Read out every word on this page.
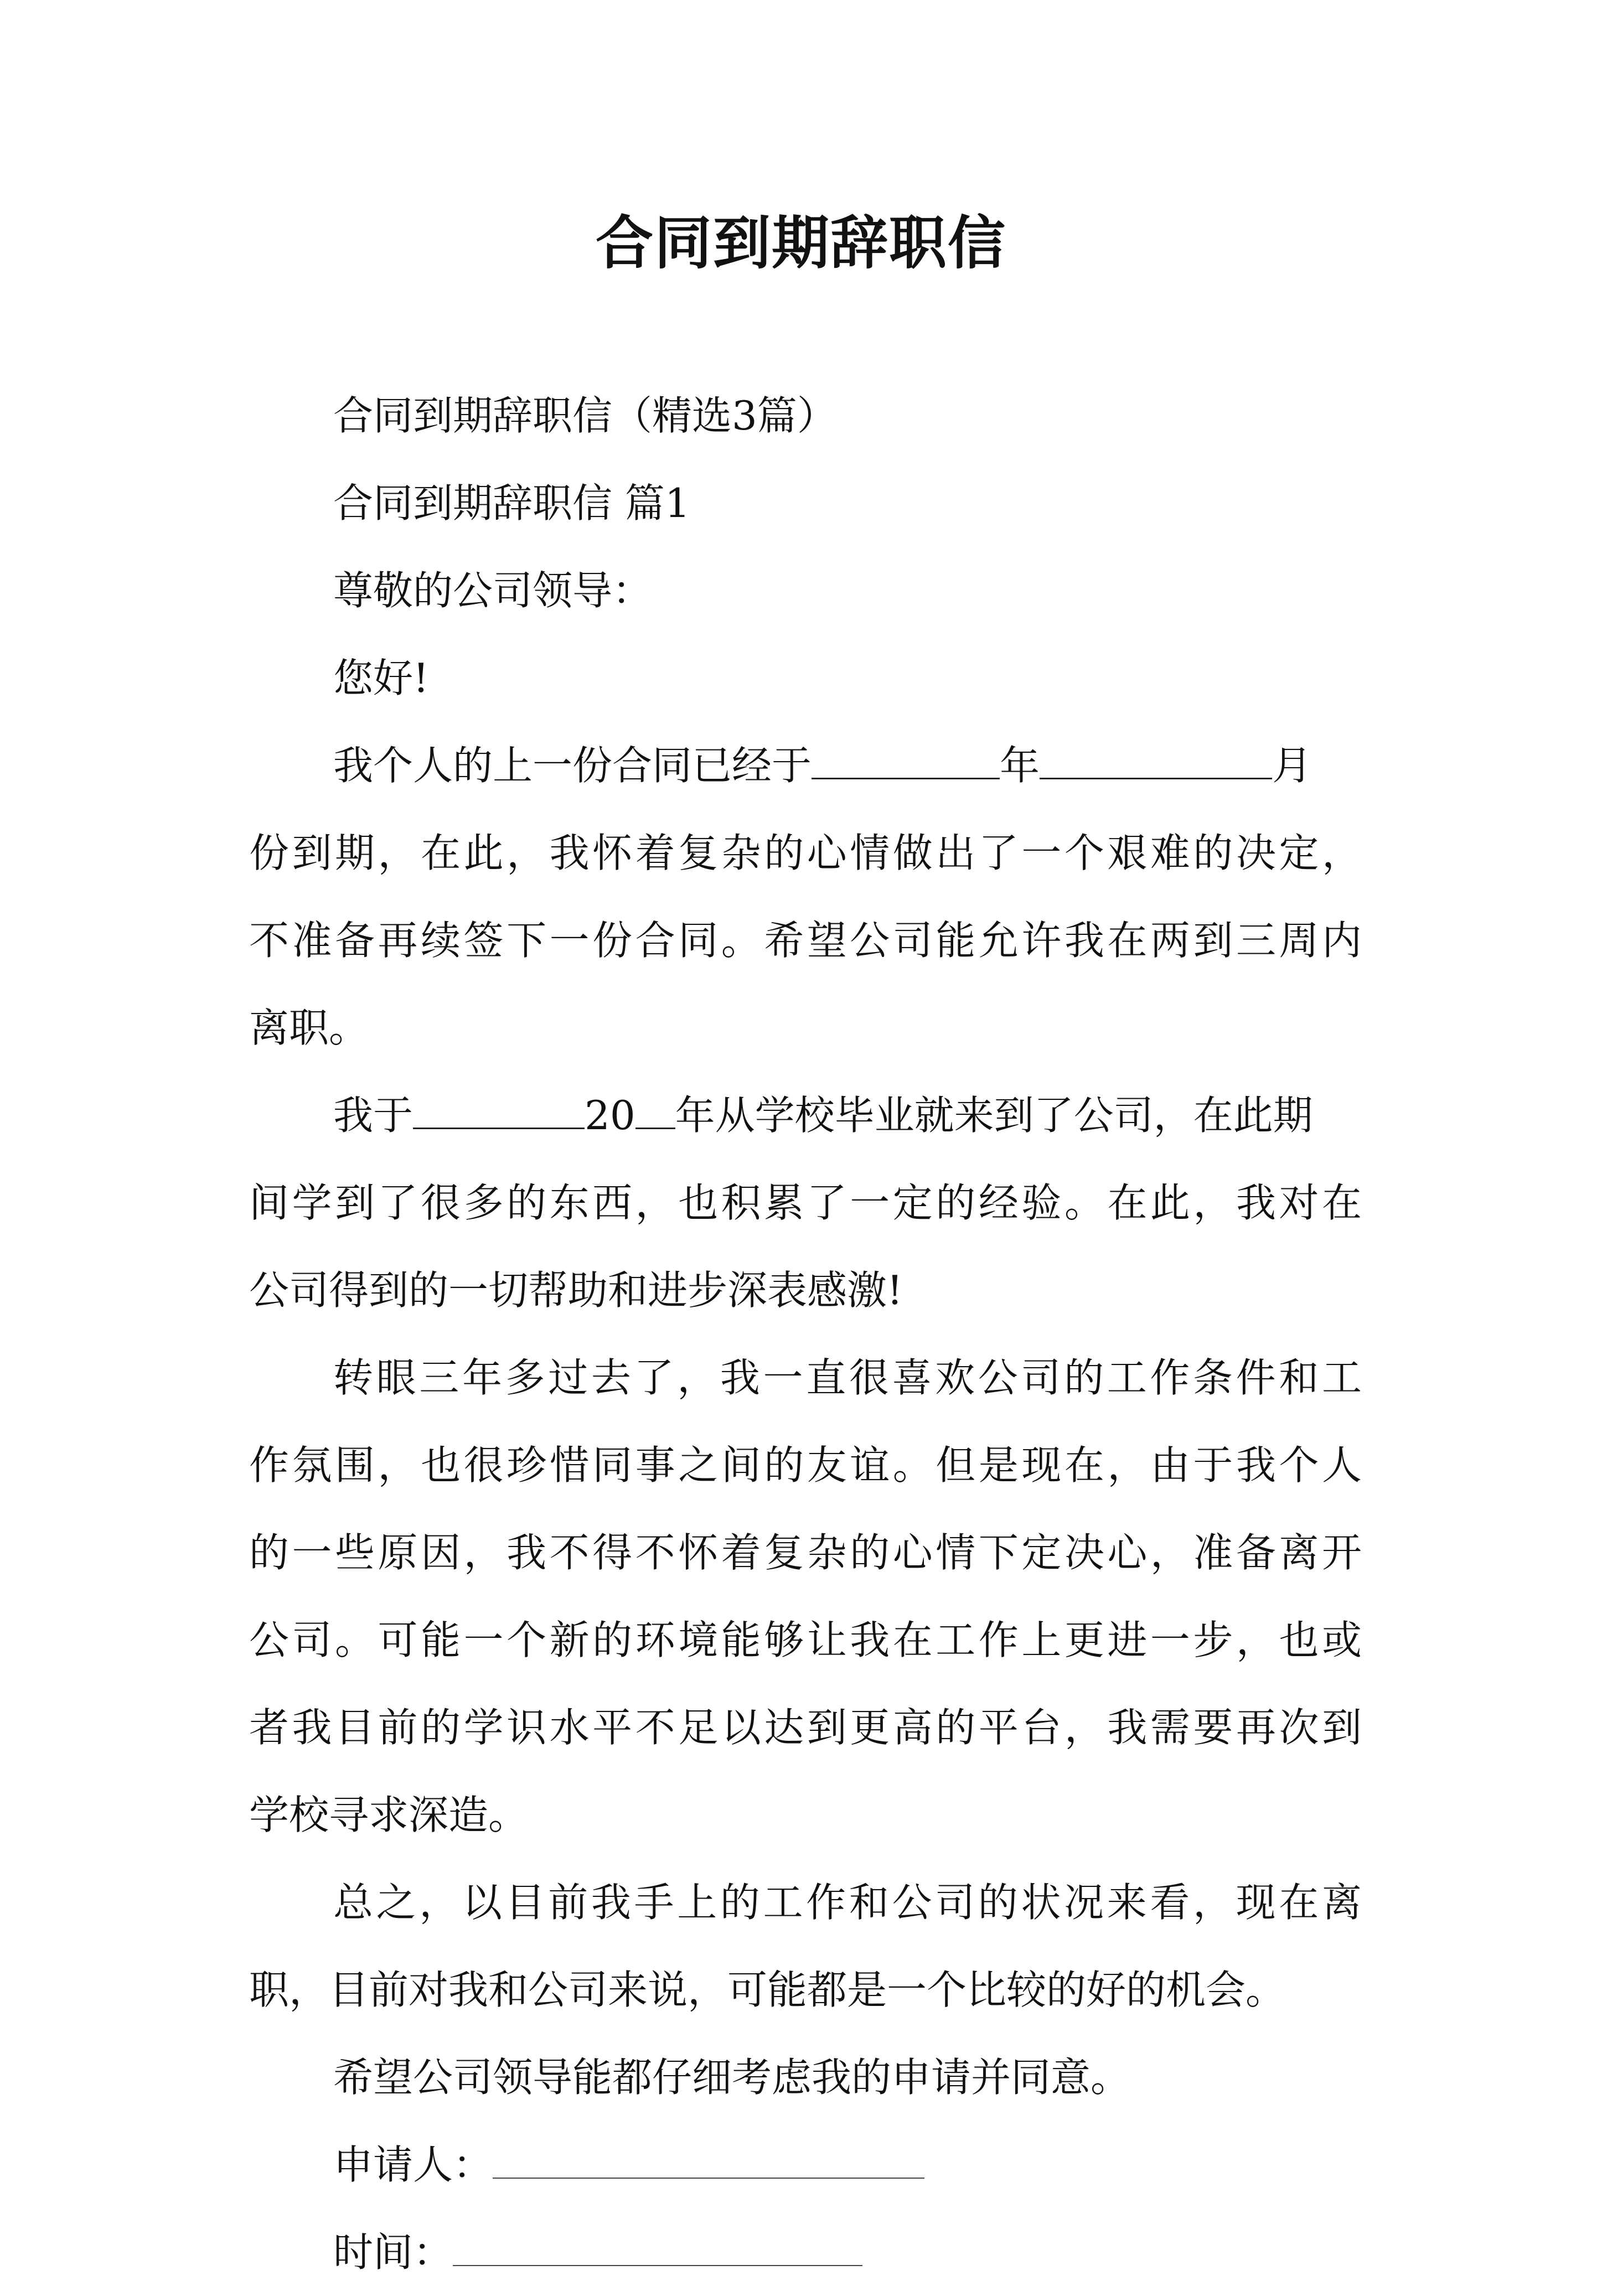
合同到期辞职信
合同到期辞职信（精选3篇）
合同到期辞职信 篇1
尊敬的公司领导：
您好!
我个人的上一份合同已经于	年	月
份到期，在此，我怀着复杂的心情做出了一个艰难的决定，
不准备再续签下一份合同。希望公司能允许我在两到三周内
离职。
我于	20 年从学校毕业就来到了公司，在此期
间学到了很多的东西，也积累了一定的经验。在此，我对在
公司得到的一切帮助和进步深表感激!
转眼三年多过去了，我一直很喜欢公司的工作条件和工
作氛围，也很珍惜同事之间的友谊。但是现在，由于我个人
的一些原因，我不得不怀着复杂的心情下定决心，准备离开
公司。可能一个新的环境能够让我在工作上更进一步，也或
者我目前的学识水平不足以达到更高的平台，我需要再次到
学校寻求深造。
总之，以目前我手上的工作和公司的状况来看，现在离
职，目前对我和公司来说，可能都是一个比较的好的机会。
希望公司领导能都仔细考虑我的申请并同意。
申请人：
时间：
